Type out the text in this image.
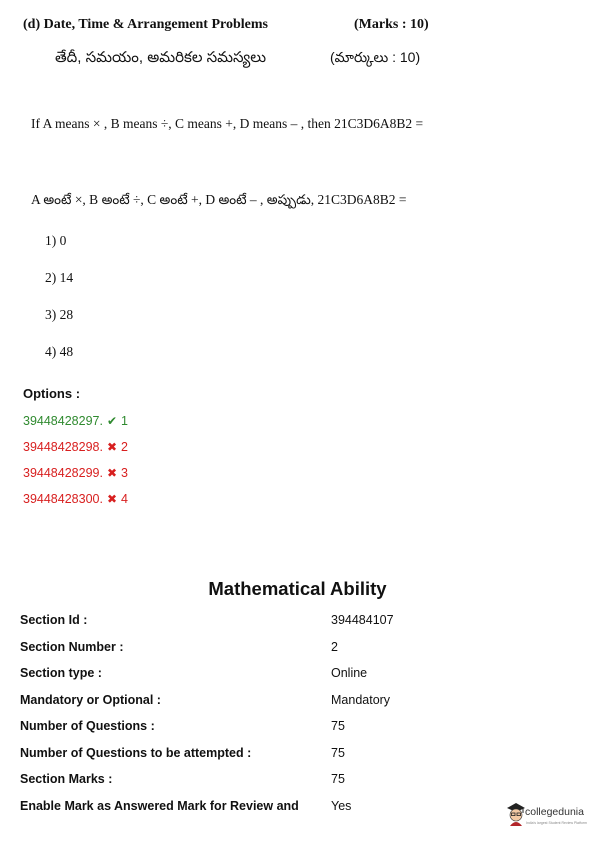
(d) Date, Time & Arrangement Problems	(Marks : 10)
తేదీ, సమయం, అమరికల సమస్యలు	(మార్కులు : 10)
If A means × , B means ÷, C means +, D means – , then 21C3D6A8B2 =
A అంటే ×, B అంటే ÷, C అంటే +, D అంటే – , అప్పుడు, 21C3D6A8B2 =
1) 0
2) 14
3) 28
4) 48
Options :
39448428297. ✔ 1
39448428298. ✖ 2
39448428299. ✖ 3
39448428300. ✖ 4
Mathematical Ability
Section Id :	394484107
Section Number :	2
Section type :	Online
Mandatory or Optional :	Mandatory
Number of Questions :	75
Number of Questions to be attempted :	75
Section Marks :	75
Enable Mark as Answered Mark for Review and	Yes	collegedunia
India's largest Student Review Platform
